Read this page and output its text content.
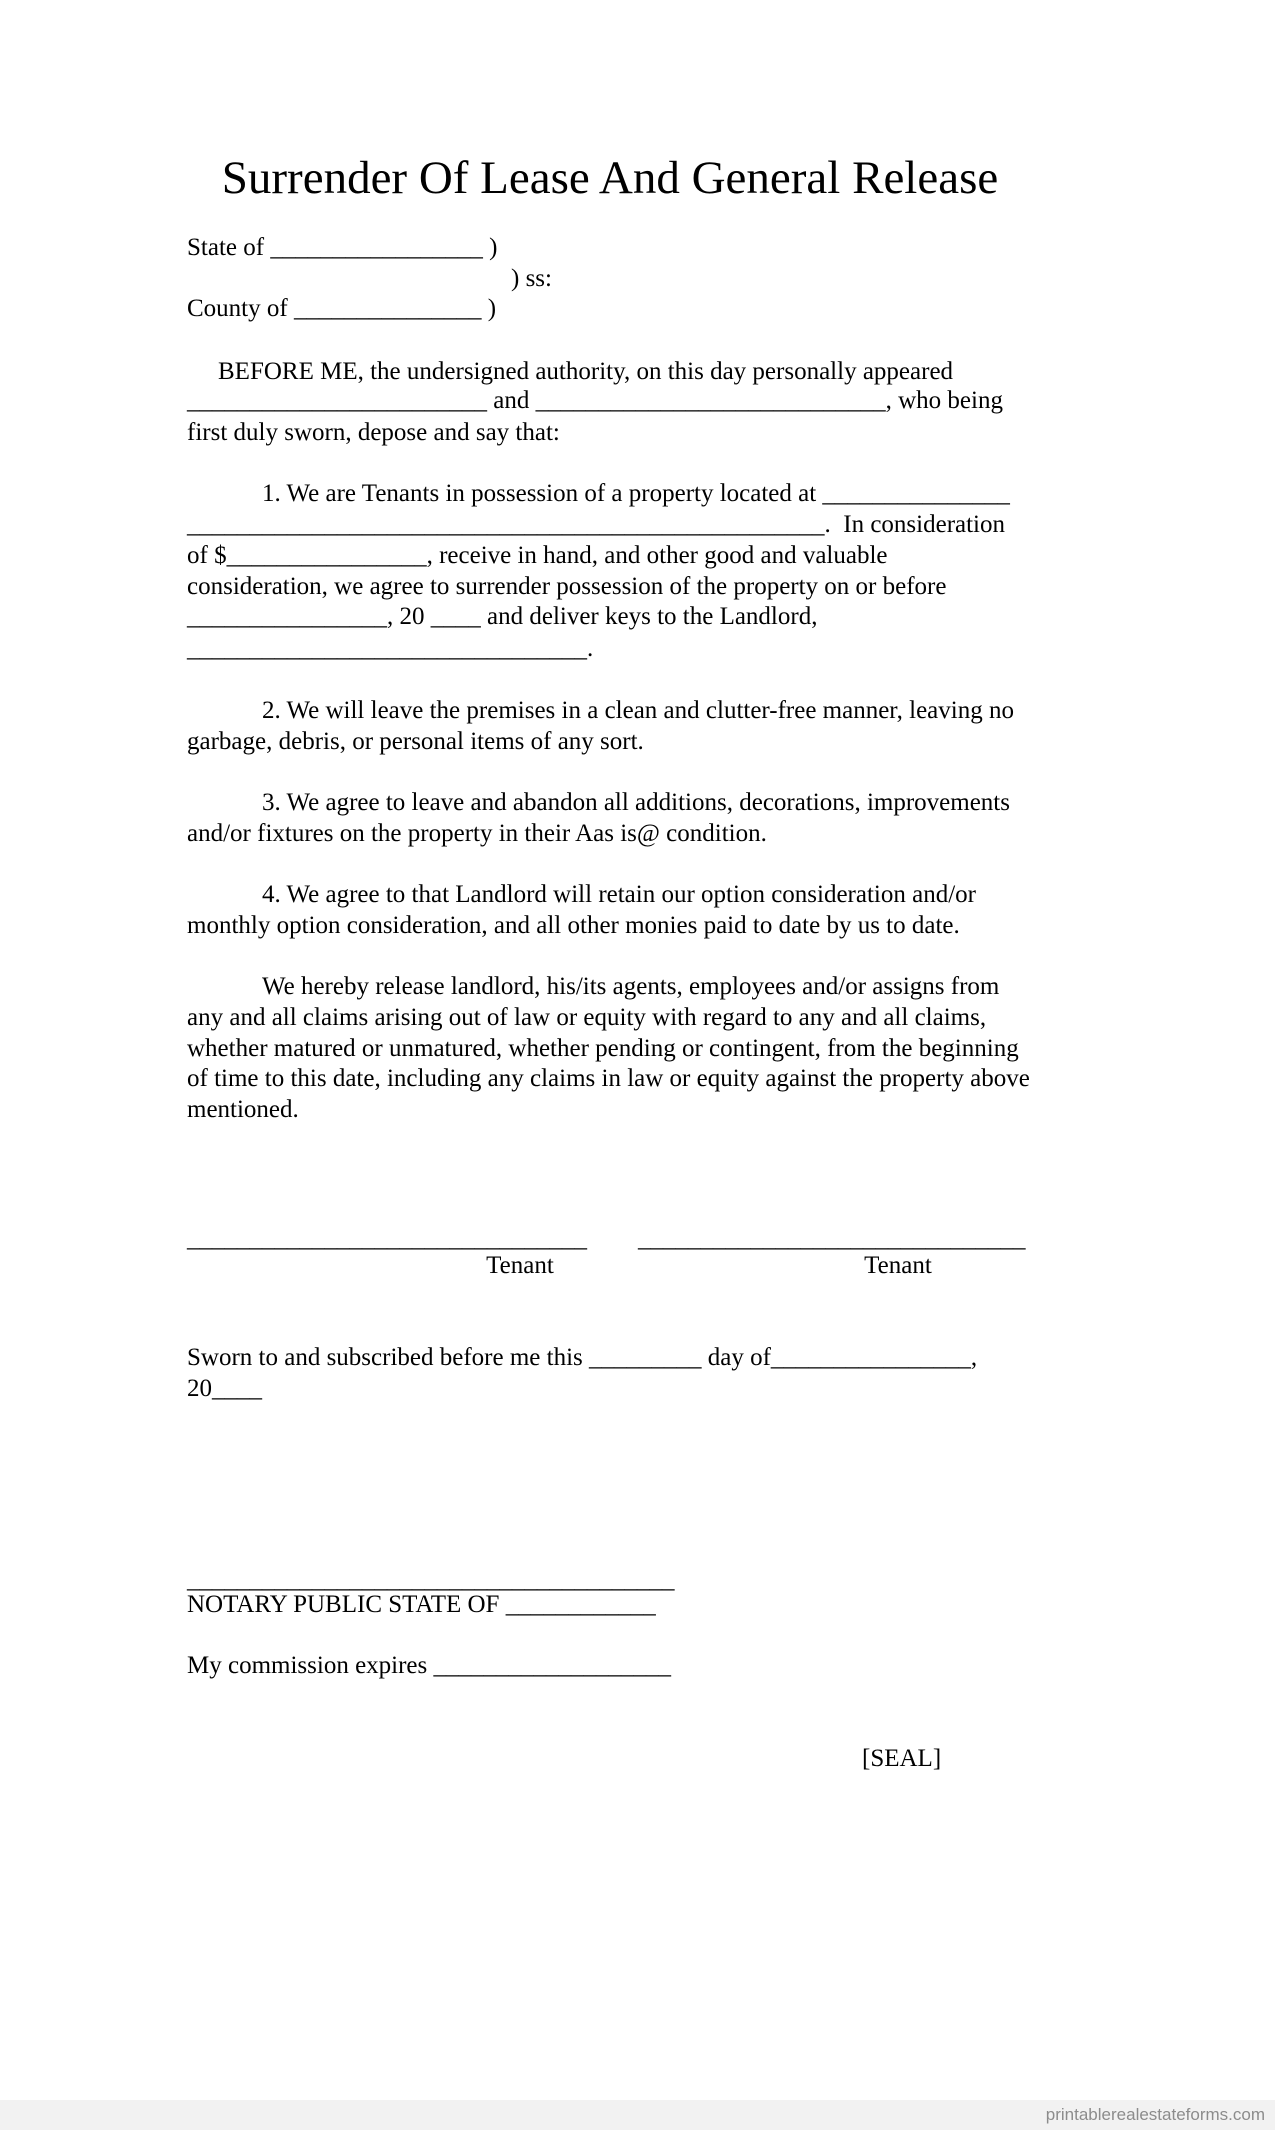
Surrender Of Lease And General Release
State of _________________ )
) ss:
County of _______________ )
BEFORE ME, the undersigned authority, on this day personally appeared
________________________ and ____________________________, who being
first duly sworn, depose and say that:
1. We are Tenants in possession of a property located at _______________
___________________________________________________.  In consideration
of $________________, receive in hand, and other good and valuable
consideration, we agree to surrender possession of the property on or before
________________, 20 ____ and deliver keys to the Landlord,
________________________________.
2. We will leave the premises in a clean and clutter-free manner, leaving no
garbage, debris, or personal items of any sort.
3. We agree to leave and abandon all additions, decorations, improvements
and/or fixtures on the property in their Aas is@ condition.
4. We agree to that Landlord will retain our option consideration and/or
monthly option consideration, and all other monies paid to date by us to date.
We hereby release landlord, his/its agents, employees and/or assigns from
any and all claims arising out of law or equity with regard to any and all claims,
whether matured or unmatured, whether pending or contingent, from the beginning
of time to this date, including any claims in law or equity against the property above
mentioned.
________________________________ _______________________________
Tenant	Tenant
Sworn to and subscribed before me this _________ day of________________,
20____
_______________________________________
NOTARY PUBLIC STATE OF ____________
My commission expires ___________________
[SEAL]
printablerealestateforms.com
